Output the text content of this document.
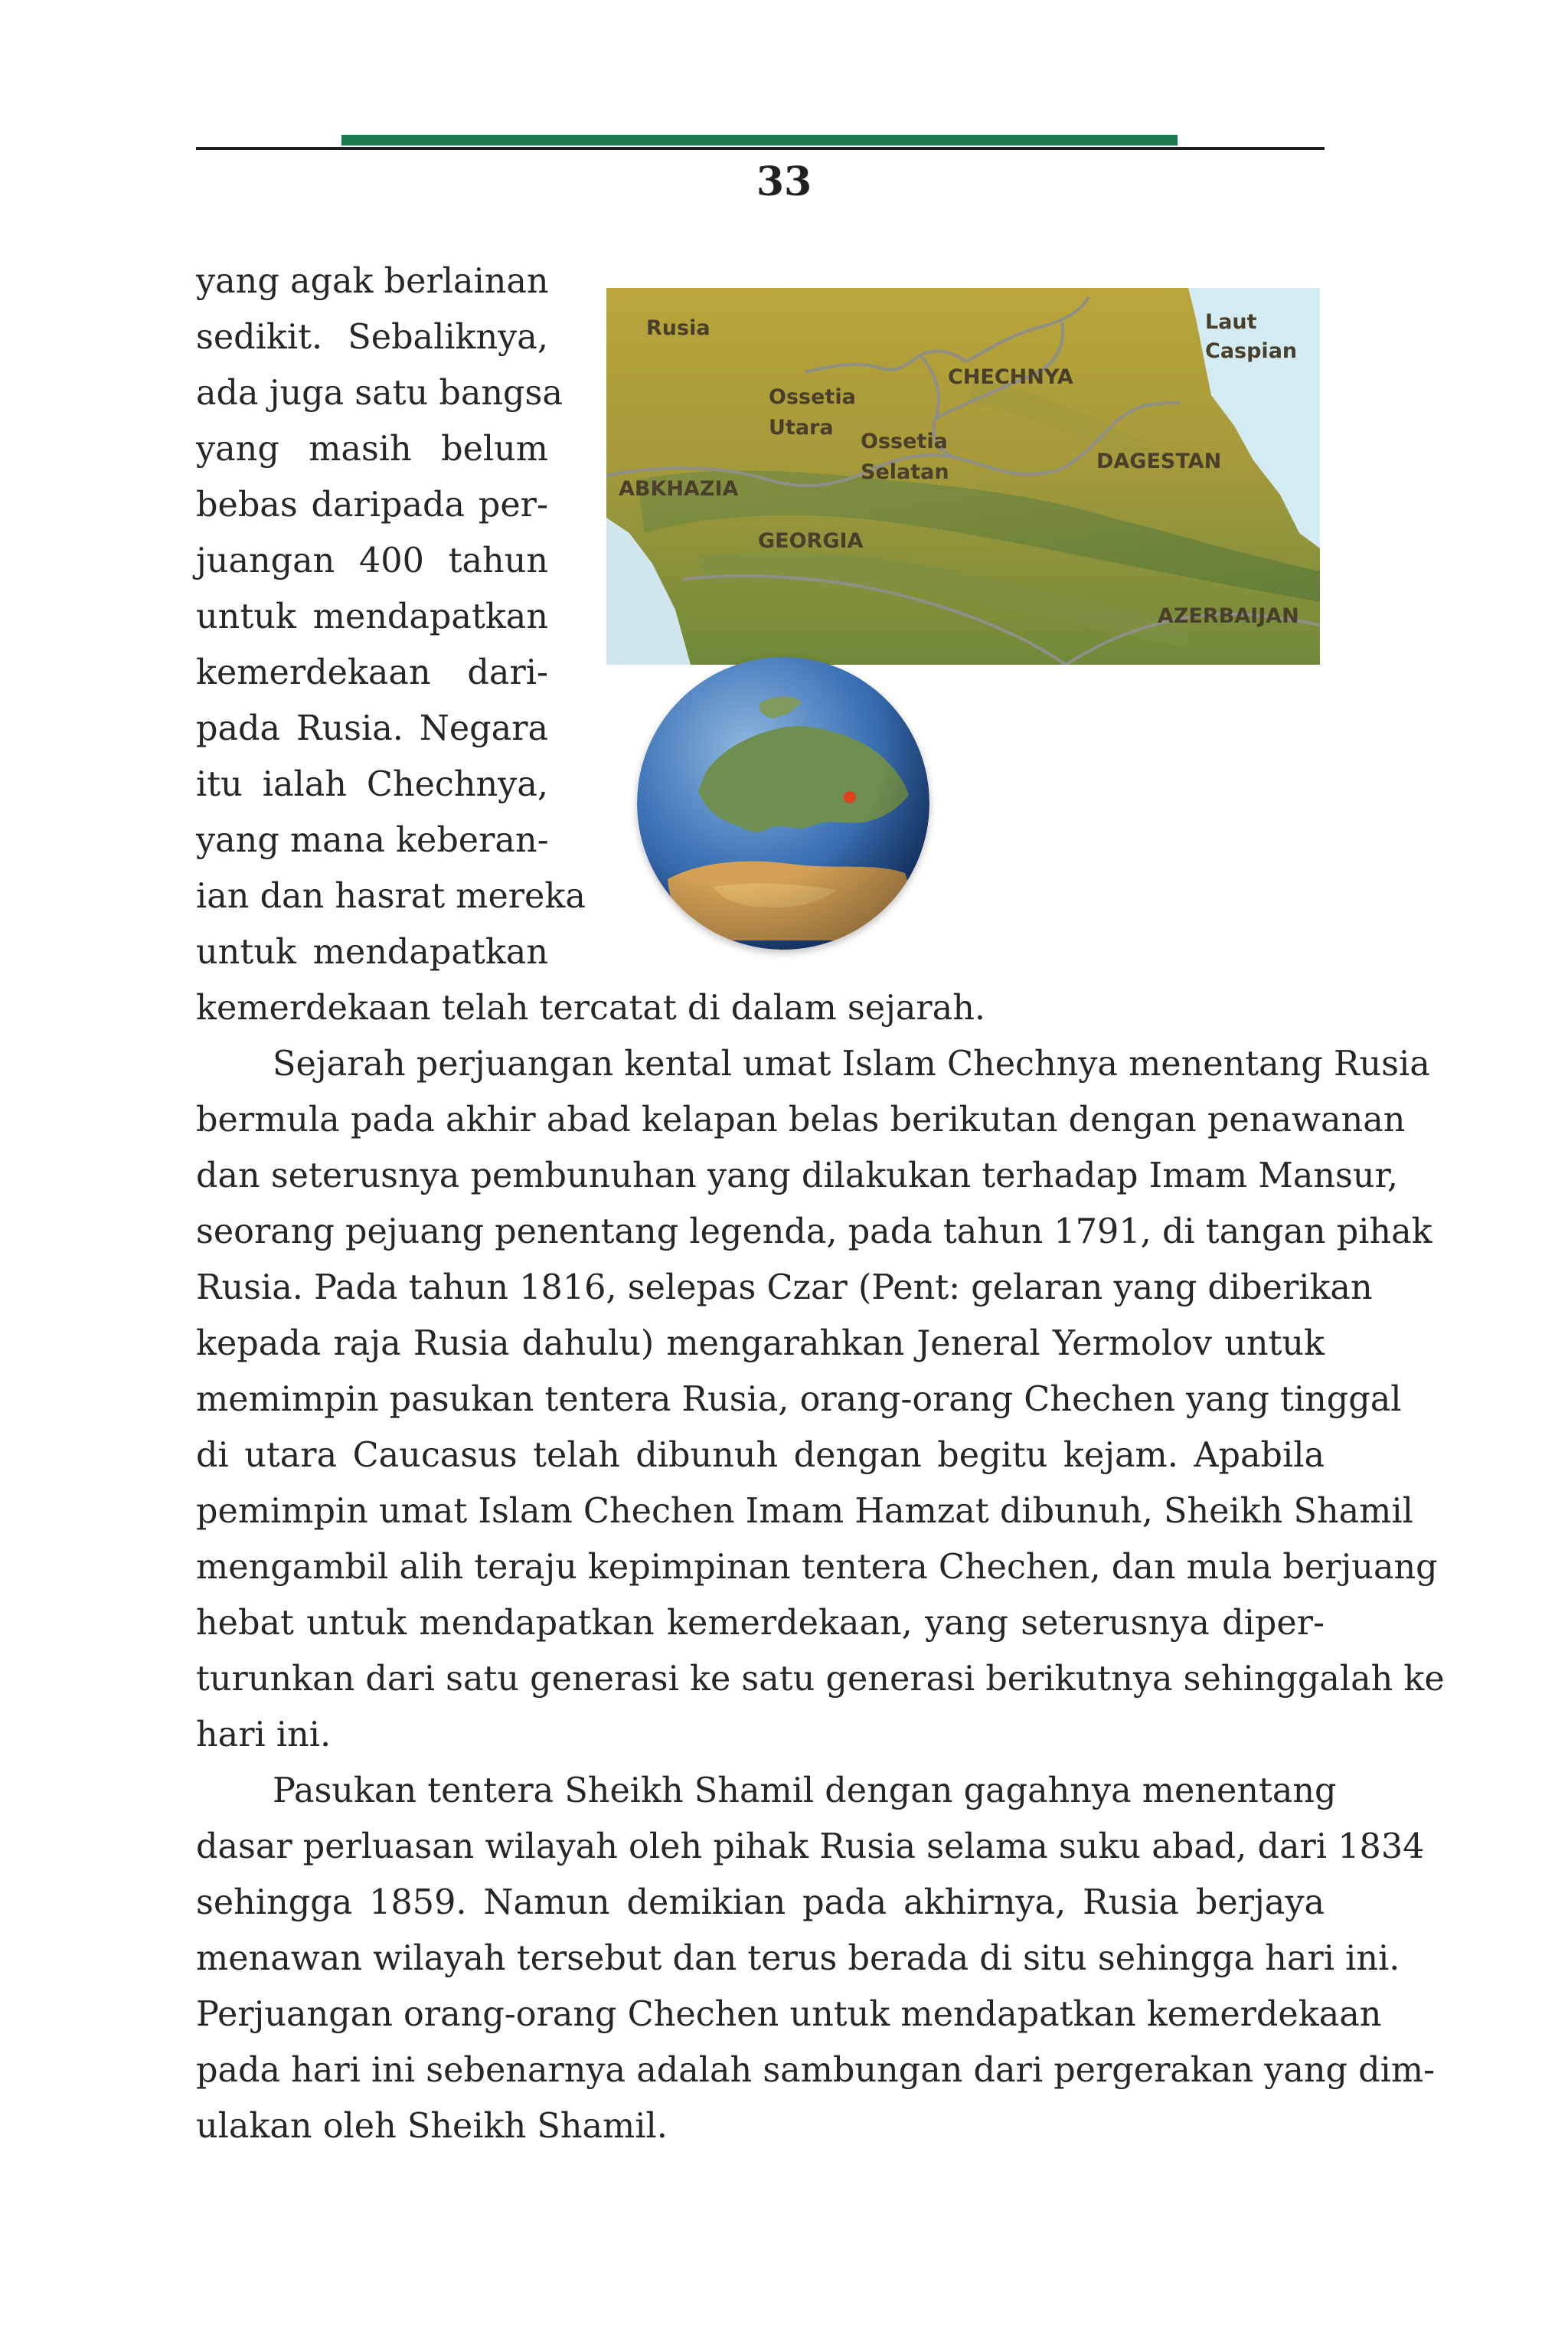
33
Rusia	Laut
Caspian
CHECHNYA
Ossetia
Utara
Ossetia
Selatan	DAGESTAN
ABKHAZIA
GEORGIA
AZERBAIJAN

yang agak berlainan

sedikit. Sebaliknya,

ada juga satu bangsa

yang masih belum

bebas daripada per-

juangan 400 tahun

untuk mendapatkan

kemerdekaan dari-

pada Rusia. Negara

itu ialah Chechnya,

yang mana keberan-

ian dan hasrat mereka

untuk mendapatkan

kemerdekaan telah tercatat di dalam sejarah.

Sejarah perjuangan kental umat Islam Chechnya menentang Rusia

bermula pada akhir abad kelapan belas berikutan dengan penawanan

dan seterusnya pembunuhan yang dilakukan terhadap Imam Mansur,

seorang pejuang penentang legenda, pada tahun 1791, di tangan pihak

Rusia. Pada tahun 1816, selepas Czar (Pent: gelaran yang diberikan

kepada raja Rusia dahulu) mengarahkan Jeneral Yermolov untuk

memimpin pasukan tentera Rusia, orang-orang Chechen yang tinggal

di utara Caucasus telah dibunuh dengan begitu kejam. Apabila

pemimpin umat Islam Chechen Imam Hamzat dibunuh, Sheikh Shamil

mengambil alih teraju kepimpinan tentera Chechen, dan mula berjuang

hebat untuk mendapatkan kemerdekaan, yang seterusnya diper-

turunkan dari satu generasi ke satu generasi berikutnya sehinggalah ke

hari ini.

Pasukan tentera Sheikh Shamil dengan gagahnya menentang

dasar perluasan wilayah oleh pihak Rusia selama suku abad, dari 1834

sehingga 1859. Namun demikian pada akhirnya, Rusia berjaya

menawan wilayah tersebut dan terus berada di situ sehingga hari ini.

Perjuangan orang-orang Chechen untuk mendapatkan kemerdekaan

pada hari ini sebenarnya adalah sambungan dari pergerakan yang dim-

ulakan oleh Sheikh Shamil.
